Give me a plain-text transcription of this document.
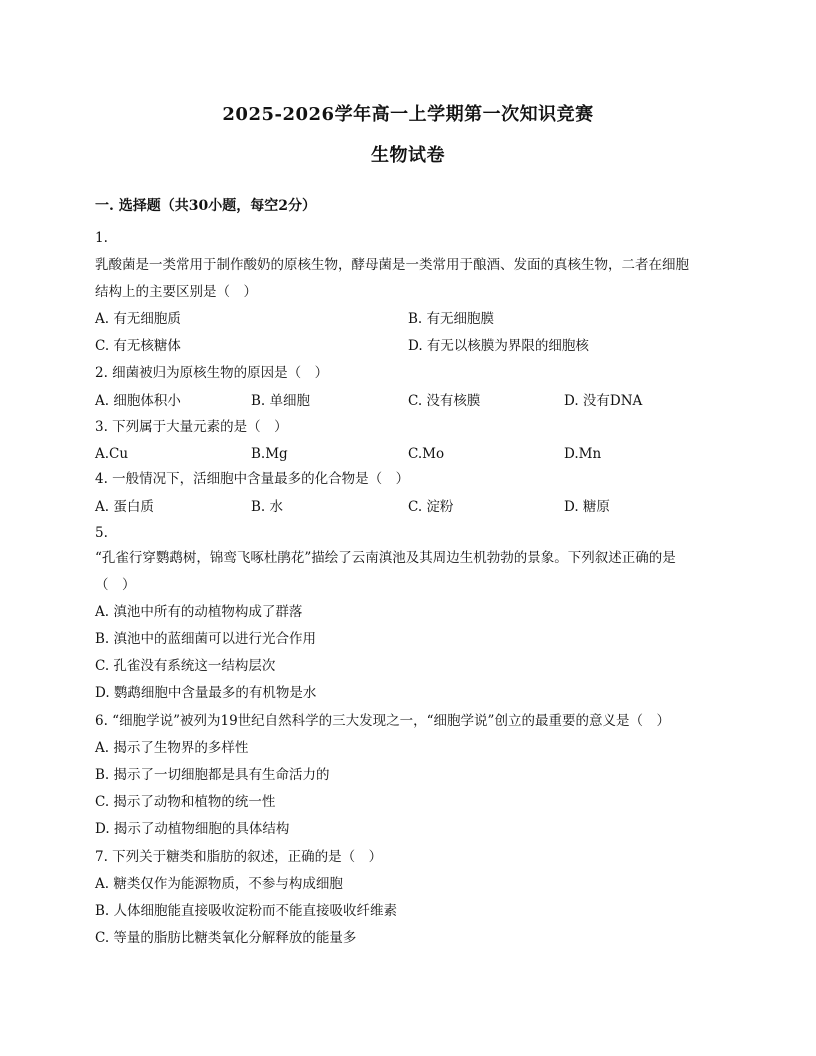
2025-2026学年高一上学期第一次知识竞赛
生物试卷
一. 选择题（共30小题，每空2分）
1.
乳酸菌是一类常用于制作酸奶的原核生物，酵母菌是一类常用于酿酒、发面的真核生物，二者在细胞
结构上的主要区别是（　）
A. 有无细胞质	B. 有无细胞膜
C. 有无核糖体	D. 有无以核膜为界限的细胞核
2. 细菌被归为原核生物的原因是（　）
A. 细胞体积小	B. 单细胞	C. 没有核膜	D. 没有DNA
3. 下列属于大量元素的是（　）
A.Cu	B.Mg	C.Mo	D.Mn
4. 一般情况下，活细胞中含量最多的化合物是（　）
A. 蛋白质	B. 水	C. 淀粉	D. 糖原
5.
“孔雀行穿鹦鹉树，锦鸾飞啄杜鹃花”描绘了云南滇池及其周边生机勃勃的景象。下列叙述正确的是
（　）
A. 滇池中所有的动植物构成了群落
B. 滇池中的蓝细菌可以进行光合作用
C. 孔雀没有系统这一结构层次
D. 鹦鹉细胞中含量最多的有机物是水
6. “细胞学说”被列为19世纪自然科学的三大发现之一，“细胞学说”创立的最重要的意义是（　）
A. 揭示了生物界的多样性
B. 揭示了一切细胞都是具有生命活力的
C. 揭示了动物和植物的统一性
D. 揭示了动植物细胞的具体结构
7. 下列关于糖类和脂肪的叙述，正确的是（　）
A. 糖类仅作为能源物质，不参与构成细胞
B. 人体细胞能直接吸收淀粉而不能直接吸收纤维素
C. 等量的脂肪比糖类氧化分解释放的能量多
